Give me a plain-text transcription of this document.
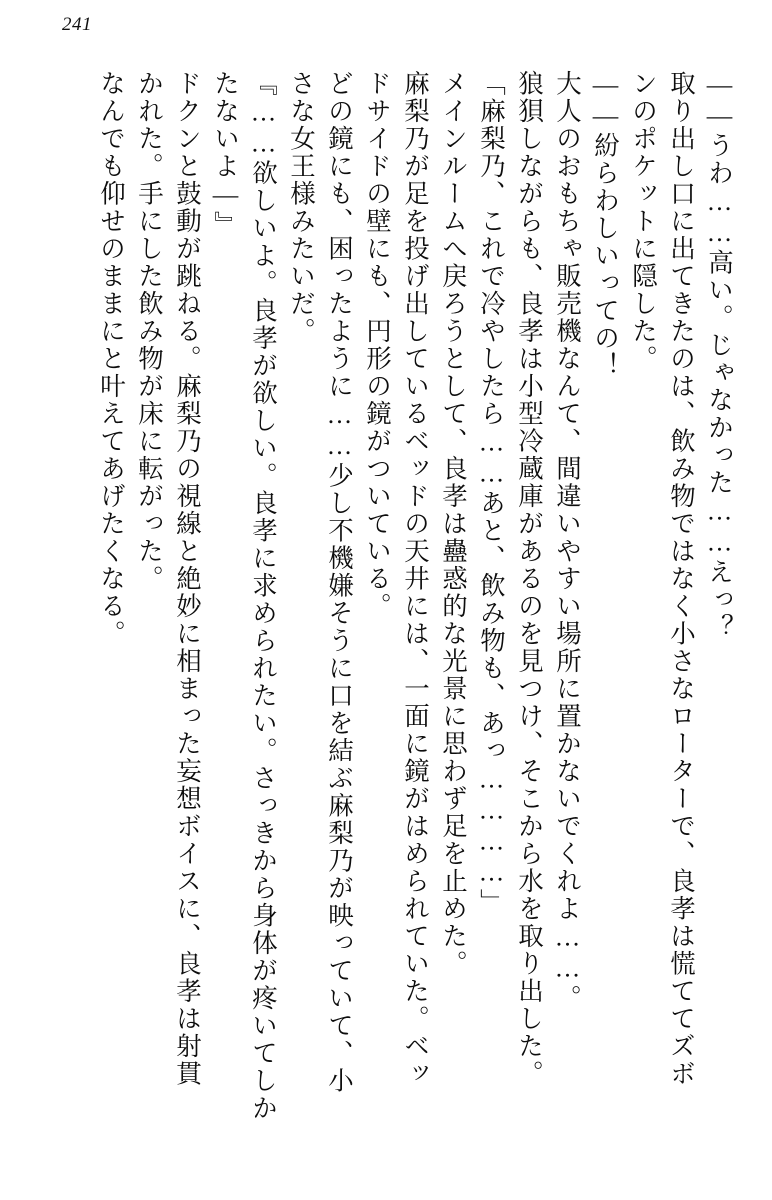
241
――うわ……高い。じゃなかった……えっ？
取り出し口に出てきたのは、飲み物ではなく小さなローターで、良孝は慌ててズボ
ンのポケットに隠した。
――紛らわしいっての！
大人のおもちゃ販売機なんて、間違いやすい場所に置かないでくれよ……。
狼狽しながらも、良孝は小型冷蔵庫があるのを見つけ、そこから水を取り出した。
「麻梨乃、これで冷やしたら……あと、飲み物も、あっ…………」
メインルームへ戻ろうとして、良孝は蠱惑的な光景に思わず足を止めた。
麻梨乃が足を投げ出しているベッドの天井には、一面に鏡がはめられていた。ベッ
ドサイドの壁にも、円形の鏡がついている。
どの鏡にも、困ったように……少し不機嫌そうに口を結ぶ麻梨乃が映っていて、小
さな女王様みたいだ。
『……欲しいよ。良孝が欲しい。良孝に求められたい。さっきから身体が疼いてしか
たないよ―』
ドクンと鼓動が跳ねる。麻梨乃の視線と絶妙に相まった妄想ボイスに、良孝は射貫
かれた。手にした飲み物が床に転がった。
なんでも仰せのままにと叶えてあげたくなる。
